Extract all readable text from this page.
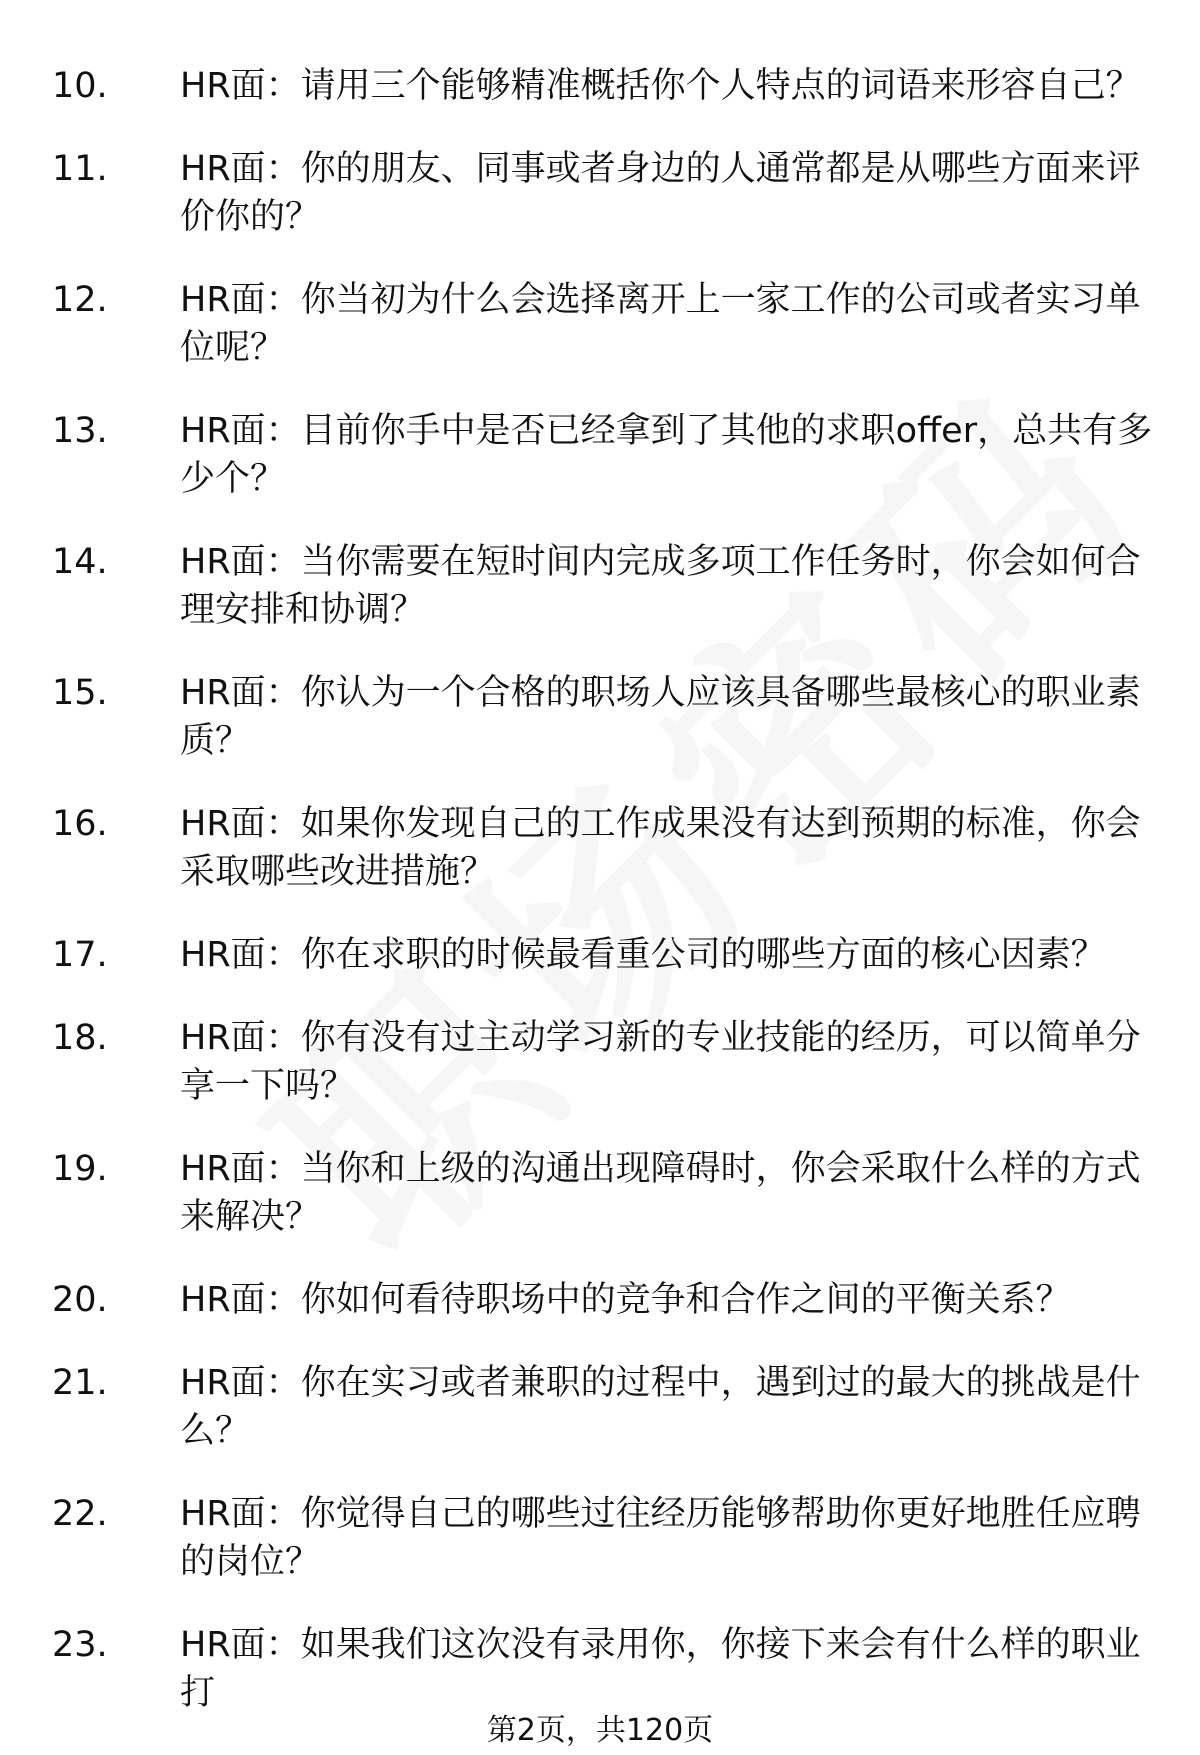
10.	HR面：请用三个能够精准概括你个人特点的词语来形容自己？
11.	HR面：你的朋友、同事或者身边的人通常都是从哪些方面来评价你的？
12.	HR面：你当初为什么会选择离开上一家工作的公司或者实习单位呢？
13.	HR面：目前你手中是否已经拿到了其他的求职offer，总共有多少个？
14.	HR面：当你需要在短时间内完成多项工作任务时，你会如何合理安排和协调？
15.	HR面：你认为一个合格的职场人应该具备哪些最核心的职业素质？
16.	HR面：如果你发现自己的工作成果没有达到预期的标准，你会采取哪些改进措施？
17.	HR面：你在求职的时候最看重公司的哪些方面的核心因素？
18.	HR面：你有没有过主动学习新的专业技能的经历，可以简单分享一下吗？
19.	HR面：当你和上级的沟通出现障碍时，你会采取什么样的方式来解决？
20.	HR面：你如何看待职场中的竞争和合作之间的平衡关系？
21.	HR面：你在实习或者兼职的过程中，遇到过的最大的挑战是什么？
22.	HR面：你觉得自己的哪些过往经历能够帮助你更好地胜任应聘的岗位？
23.	HR面：如果我们这次没有录用你，你接下来会有什么样的职业打
第2页，共120页
